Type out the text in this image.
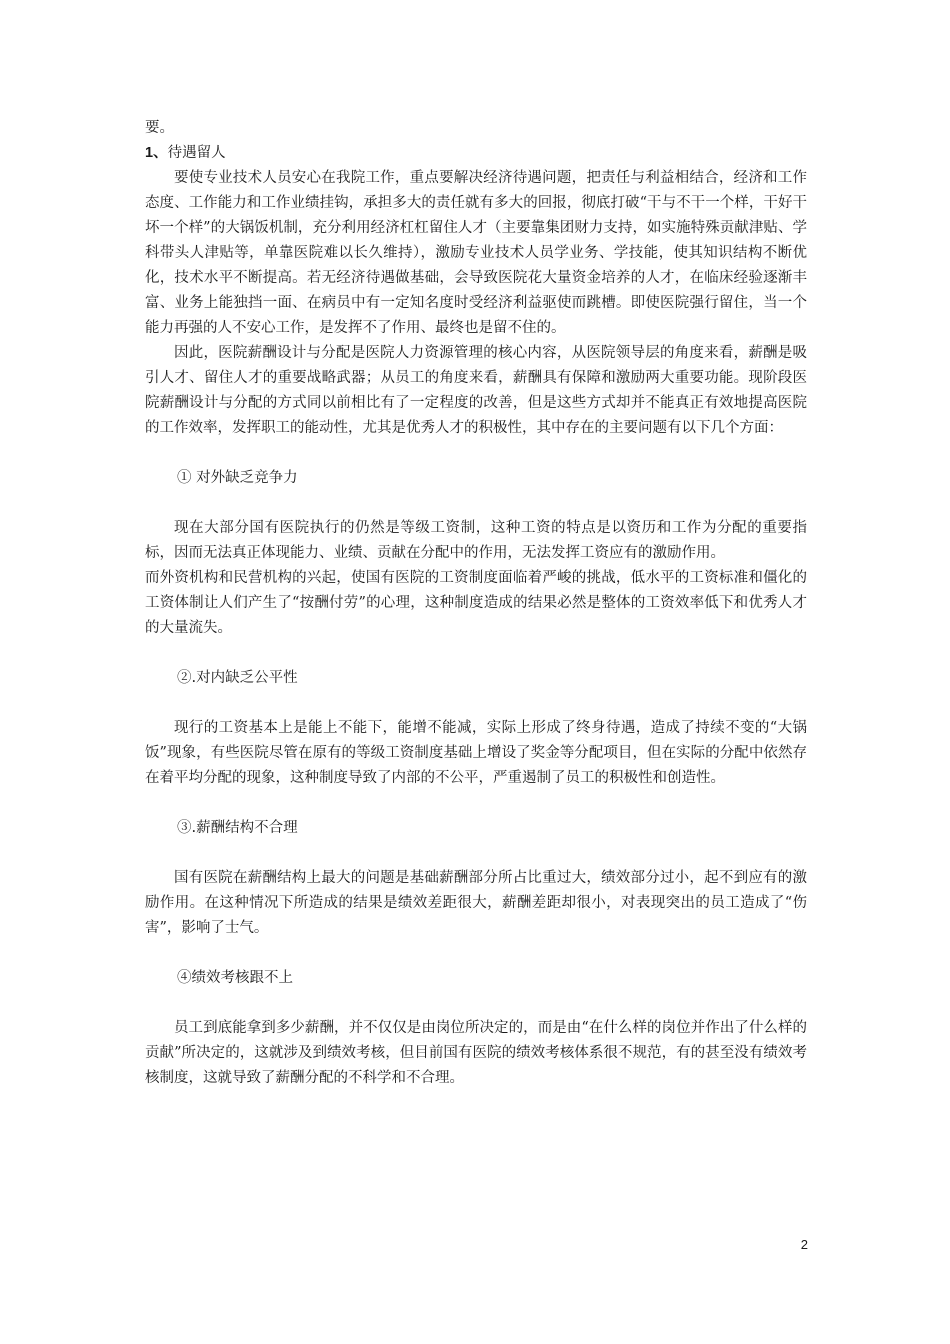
要。

1、待遇留人

要使专业技术人员安心在我院工作，重点要解决经济待遇问题，把责任与利益相结合，经济和工作态度、工作能力和工作业绩挂钩，承担多大的责任就有多大的回报，彻底打破“干与不干一个样，干好干坏一个样”的大锅饭机制，充分利用经济杠杠留住人才（主要靠集团财力支持，如实施特殊贡献津贴、学科带头人津贴等，单靠医院难以长久维持），激励专业技术人员学业务、学技能，使其知识结构不断优化，技术水平不断提高。若无经济待遇做基础，会导致医院花大量资金培养的人才，在临床经验逐渐丰富、业务上能独挡一面、在病员中有一定知名度时受经济利益驱使而跳槽。即使医院强行留住，当一个能力再强的人不安心工作，是发挥不了作用、最终也是留不住的。

因此，医院薪酬设计与分配是医院人力资源管理的核心内容，从医院领导层的角度来看，薪酬是吸引人才、留住人才的重要战略武器；从员工的角度来看，薪酬具有保障和激励两大重要功能。现阶段医院薪酬设计与分配的方式同以前相比有了一定程度的改善，但是这些方式却并不能真正有效地提高医院的工作效率，发挥职工的能动性，尤其是优秀人才的积极性，其中存在的主要问题有以下几个方面：

① 对外缺乏竞争力

现在大部分国有医院执行的仍然是等级工资制，这种工资的特点是以资历和工作为分配的重要指标，因而无法真正体现能力、业绩、贡献在分配中的作用，无法发挥工资应有的激励作用。

而外资机构和民营机构的兴起，使国有医院的工资制度面临着严峻的挑战，低水平的工资标准和僵化的工资体制让人们产生了“按酬付劳”的心理，这种制度造成的结果必然是整体的工资效率低下和优秀人才的大量流失。

②.对内缺乏公平性

现行的工资基本上是能上不能下，能增不能减，实际上形成了终身待遇，造成了持续不变的“大锅饭”现象，有些医院尽管在原有的等级工资制度基础上增设了奖金等分配项目，但在实际的分配中依然存在着平均分配的现象，这种制度导致了内部的不公平，严重遏制了员工的积极性和创造性。

③.薪酬结构不合理

国有医院在薪酬结构上最大的问题是基础薪酬部分所占比重过大，绩效部分过小，起不到应有的激励作用。在这种情况下所造成的结果是绩效差距很大，薪酬差距却很小，对表现突出的员工造成了“伤害”，影响了士气。

④绩效考核跟不上

员工到底能拿到多少薪酬，并不仅仅是由岗位所决定的，而是由“在什么样的岗位并作出了什么样的贡献”所决定的，这就涉及到绩效考核，但目前国有医院的绩效考核体系很不规范，有的甚至没有绩效考核制度，这就导致了薪酬分配的不科学和不合理。

2
